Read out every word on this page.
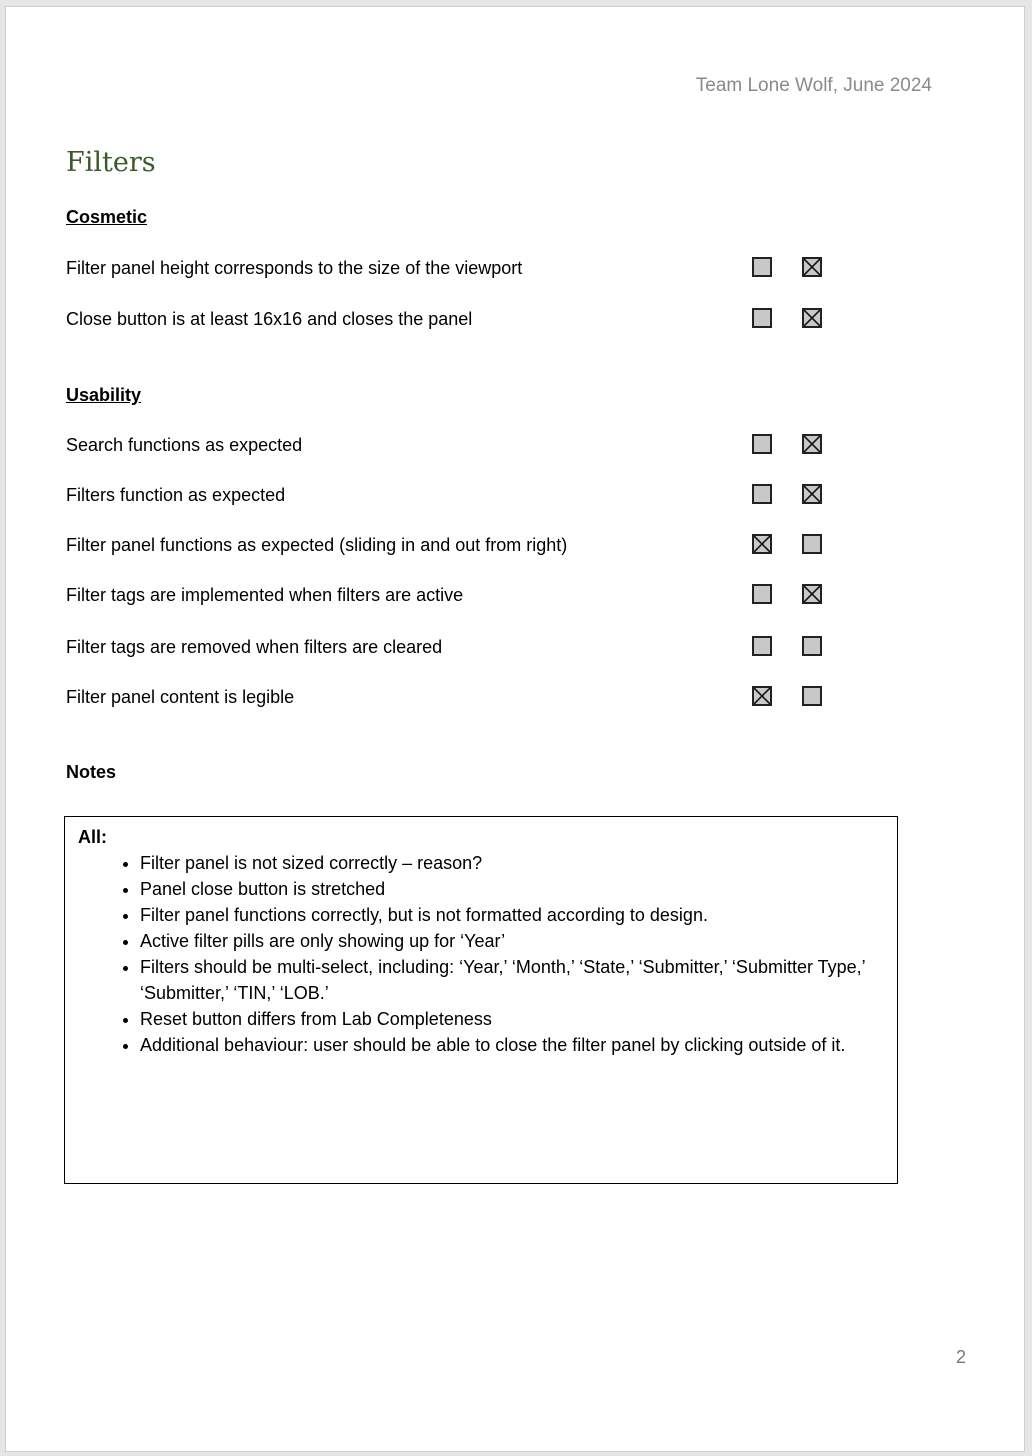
Team Lone Wolf, June 2024
Filters
Cosmetic
Filter panel height corresponds to the size of the viewport
Close button is at least 16x16 and closes the panel
Usability
Search functions as expected
Filters function as expected
Filter panel functions as expected (sliding in and out from right)
Filter tags are implemented when filters are active
Filter tags are removed when filters are cleared
Filter panel content is legible
Notes
All:
• Filter panel is not sized correctly – reason?
• Panel close button is stretched
• Filter panel functions correctly, but is not formatted according to design.
• Active filter pills are only showing up for ‘Year’
• Filters should be multi-select, including: ‘Year,’ ‘Month,’ ‘State,’ ‘Submitter,’ ‘Submitter Type,’ ‘Submitter,’ ‘TIN,’ ‘LOB.’
• Reset button differs from Lab Completeness
• Additional behaviour: user should be able to close the filter panel by clicking outside of it.
2
